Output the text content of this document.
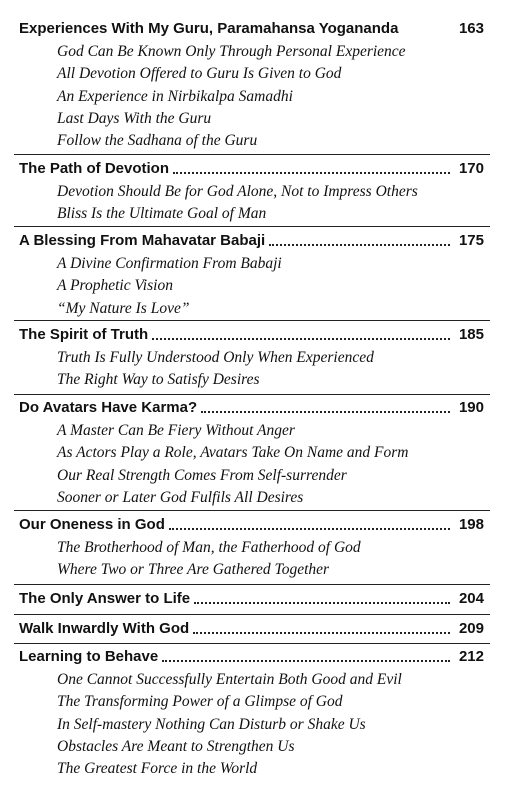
Experiences With My Guru, Paramahansa Yogananda	163
God Can Be Known Only Through Personal Experience
All Devotion Offered to Guru Is Given to God
An Experience in Nirbikalpa Samadhi
Last Days With the Guru
Follow the Sadhana of the Guru
The Path of Devotion	170
Devotion Should Be for God Alone, Not to Impress Others
Bliss Is the Ultimate Goal of Man
A Blessing From Mahavatar Babaji	175
A Divine Confirmation From Babaji
A Prophetic Vision
“My Nature Is Love”
The Spirit of Truth	185
Truth Is Fully Understood Only When Experienced
The Right Way to Satisfy Desires
Do Avatars Have Karma?	190
A Master Can Be Fiery Without Anger
As Actors Play a Role, Avatars Take On Name and Form
Our Real Strength Comes From Self-surrender
Sooner or Later God Fulfils All Desires
Our Oneness in God	198
The Brotherhood of Man, the Fatherhood of God
Where Two or Three Are Gathered Together
The Only Answer to Life	204
Walk Inwardly With God	209
Learning to Behave	212
One Cannot Successfully Entertain Both Good and Evil
The Transforming Power of a Glimpse of God
In Self-mastery Nothing Can Disturb or Shake Us
Obstacles Are Meant to Strengthen Us
The Greatest Force in the World
